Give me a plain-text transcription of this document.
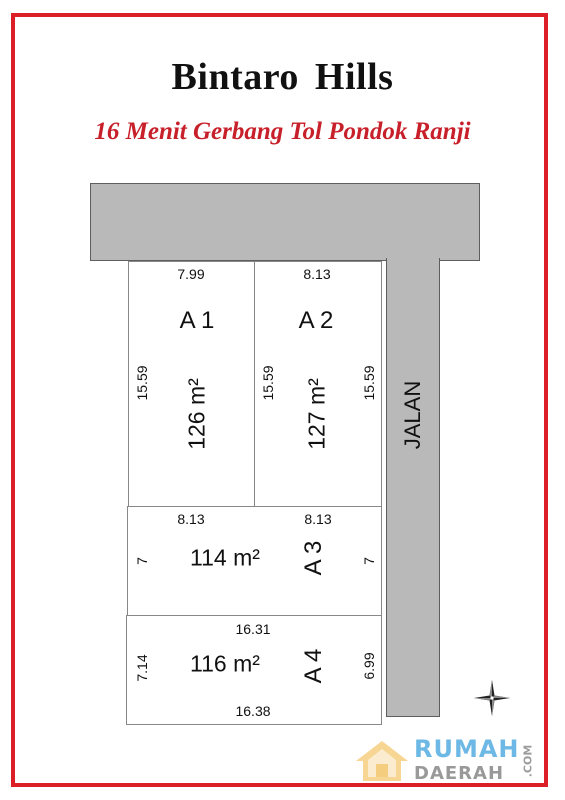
Bintaro Hills
16 Menit Gerbang Tol Pondok Ranji
JALAN
7.99
A 1
15.59 126 m²
8.13
A 2
15.59 127 m² 15.59
8.13	8.13
7 114 m² A 3 7
16.31
7.14 116 m² A 4 6.99
16.38
RUMAH
DAERAH .COM
